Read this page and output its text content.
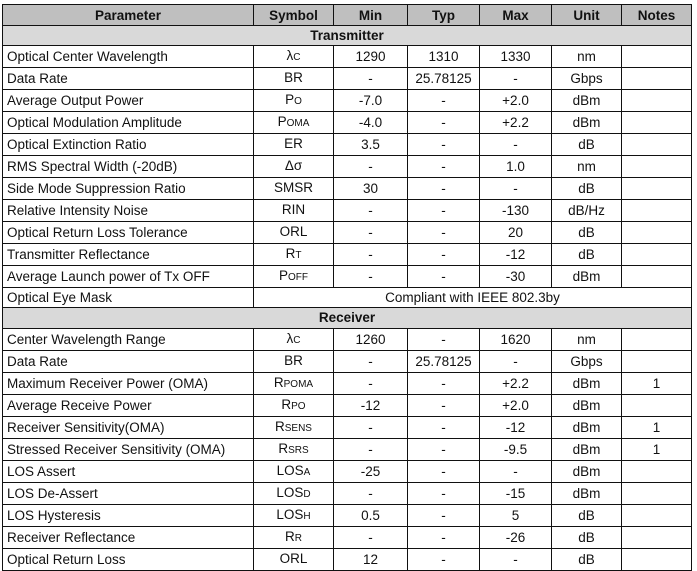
Parameter	Symbol	Min	Typ	Max	Unit	Notes
Transmitter						
Optical Center Wavelength	λC	1290	1310	1330	nm	
Data Rate	BR	-	25.78125	-	Gbps	
Average Output Power	PO	-7.0	-	+2.0	dBm	
Optical Modulation Amplitude	POMA	-4.0	-	+2.2	dBm	
Optical Extinction Ratio	ER	3.5	-	-	dB	
RMS Spectral Width (-20dB)	Δσ	-	-	1.0	nm	
Side Mode Suppression Ratio	SMSR	30	-	-	dB	
Relative Intensity Noise	RIN	-	-	-130	dB/Hz	
Optical Return Loss Tolerance	ORL	-	-	20	dB	
Transmitter Reflectance	RT	-	-	-12	dB	
Average Launch power of Tx OFF	POFF	-	-	-30	dBm	
Optical Eye Mask	Compliant with IEEE 802.3by					
Receiver						
Center Wavelength Range	λC	1260	-	1620	nm	
Data Rate	BR	-	25.78125	-	Gbps	
Maximum Receiver Power (OMA)	RPOMA	-	-	+2.2	dBm	1
Average Receive Power	RPO	-12	-	+2.0	dBm	
Receiver Sensitivity(OMA)	RSENS	-	-	-12	dBm	1
Stressed Receiver Sensitivity (OMA)	RSRS	-	-	-9.5	dBm	1
LOS Assert	LOSA	-25	-	-	dBm	
LOS De-Assert	LOSD	-	-	-15	dBm	
LOS Hysteresis	LOSH	0.5	-	5	dB	
Receiver Reflectance	RR	-	-	-26	dB	
Optical Return Loss	ORL	12	-	-	dB	
